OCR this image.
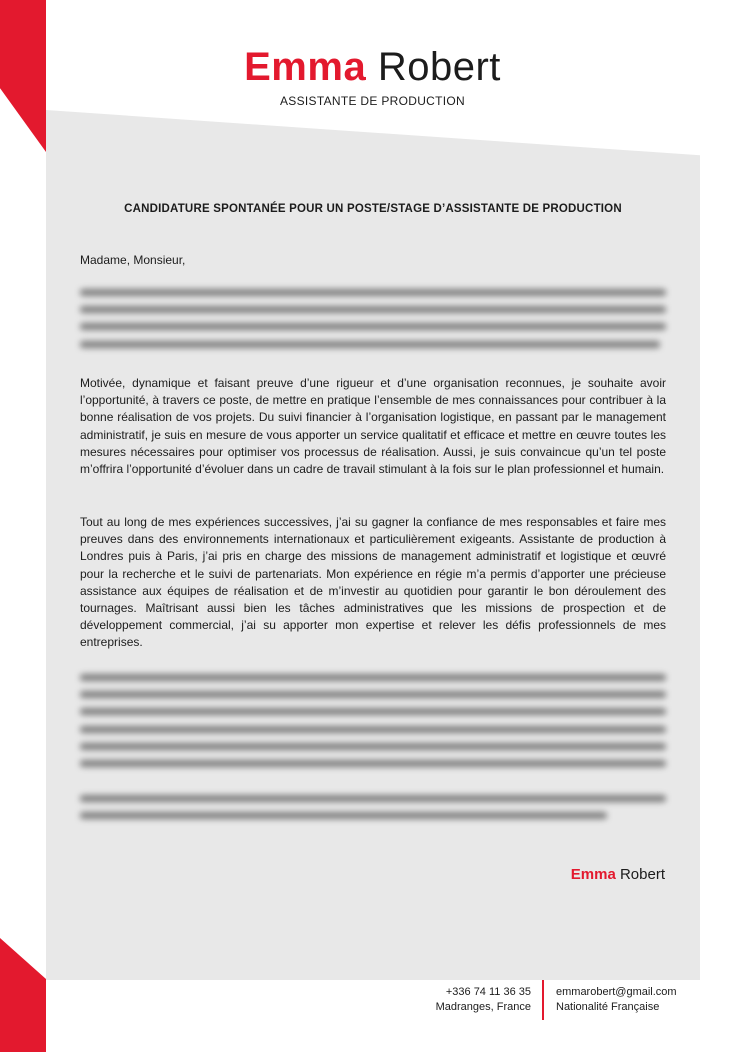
Emma Robert
ASSISTANTE DE PRODUCTION
CANDIDATURE SPONTANÉE POUR UN POSTE/STAGE D’ASSISTANTE DE PRODUCTION
Madame, Monsieur,

Motivée, dynamique et faisant preuve d’une rigueur et d’une organisation reconnues, je souhaite avoir l’opportunité, à travers ce poste, de mettre en pratique l’ensemble de mes connaissances pour contribuer à la bonne réalisation de vos projets. Du suivi financier à l’organisation logistique, en passant par le management administratif, je suis en mesure de vous apporter un service qualitatif et efficace et mettre en œuvre toutes les mesures nécessaires pour optimiser vos processus de réalisation. Aussi, je suis convaincue qu’un tel poste m’offrira l’opportunité d’évoluer dans un cadre de travail stimulant à la fois sur le plan professionnel et humain.

Tout au long de mes expériences successives, j’ai su gagner la confiance de mes responsables et faire mes preuves dans des environnements internationaux et particulièrement exigeants. Assistante de production à Londres puis à Paris, j’ai pris en charge des missions de management administratif et logistique et œuvré pour la recherche et le suivi de partenariats. Mon expérience en régie m’a permis d’apporter une précieuse assistance aux équipes de réalisation et de m’investir au quotidien pour garantir le bon déroulement des tournages. Maîtrisant aussi bien les tâches administratives que les missions de prospection et de développement commercial, j’ai su apporter mon expertise et relever les défis professionnels de mes entreprises.

Emma Robert
+336 74 11 36 35
Madranges, France
emmarobert@gmail.com
Nationalité Française
